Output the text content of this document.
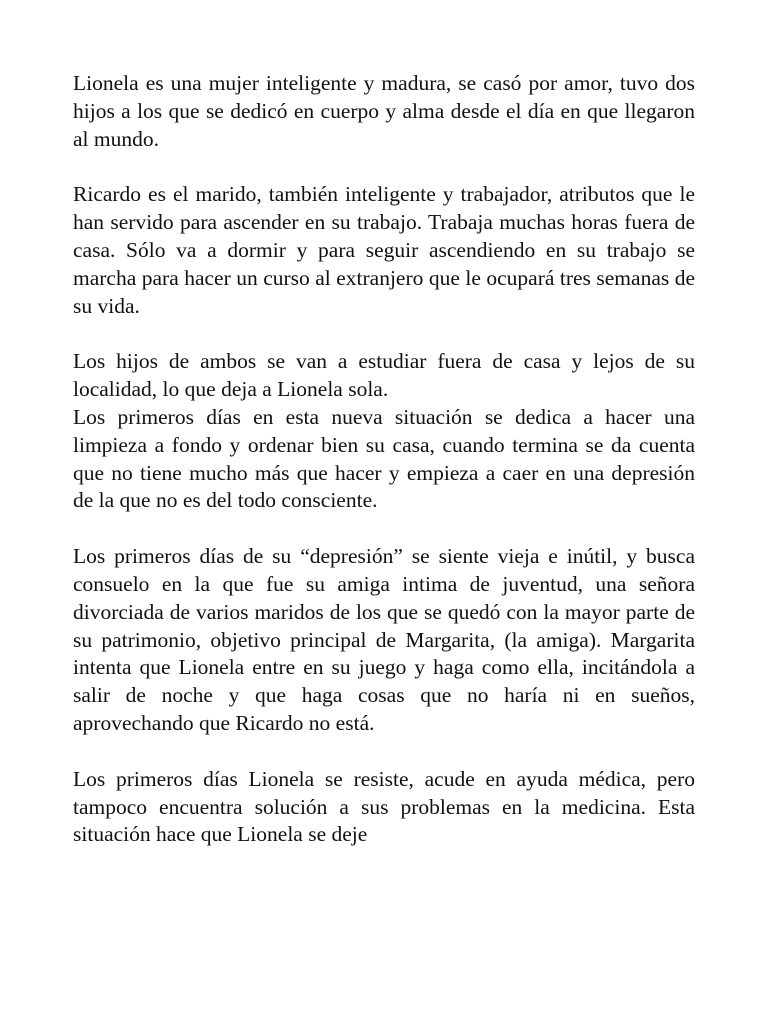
Lionela es una mujer inteligente y madura, se casó por amor, tuvo dos hijos a los que se dedicó en cuerpo y alma desde el día en que llegaron al mundo.

Ricardo es el marido, también inteligente y trabajador, atributos que le han servido para ascender en su trabajo. Trabaja muchas horas fuera de casa. Sólo va a dormir y para seguir ascendiendo en su trabajo se marcha para hacer un curso al extranjero que le ocupará tres semanas de su vida.

Los hijos de ambos se van a estudiar fuera de casa y lejos de su localidad, lo que deja a Lionela sola.

Los primeros días en esta nueva situación se dedica a hacer una limpieza a fondo y ordenar bien su casa, cuando termina se da cuenta que no tiene mucho más que hacer y empieza a caer en una depresión de la que no es del todo consciente.

Los primeros días de su “depresión” se siente vieja e inútil, y busca consuelo en la que fue su amiga intima de juventud, una señora divorciada de varios maridos de los que se quedó con la mayor parte de su patrimonio, objetivo principal de Margarita, (la amiga). Margarita intenta que Lionela entre en su juego y haga como ella, incitándola a salir de noche y que haga cosas que no haría ni en sueños, aprovechando que Ricardo no está.

Los primeros días Lionela se resiste, acude en ayuda médica, pero tampoco encuentra solución a sus problemas en la medicina. Esta situación hace que Lionela se deje
